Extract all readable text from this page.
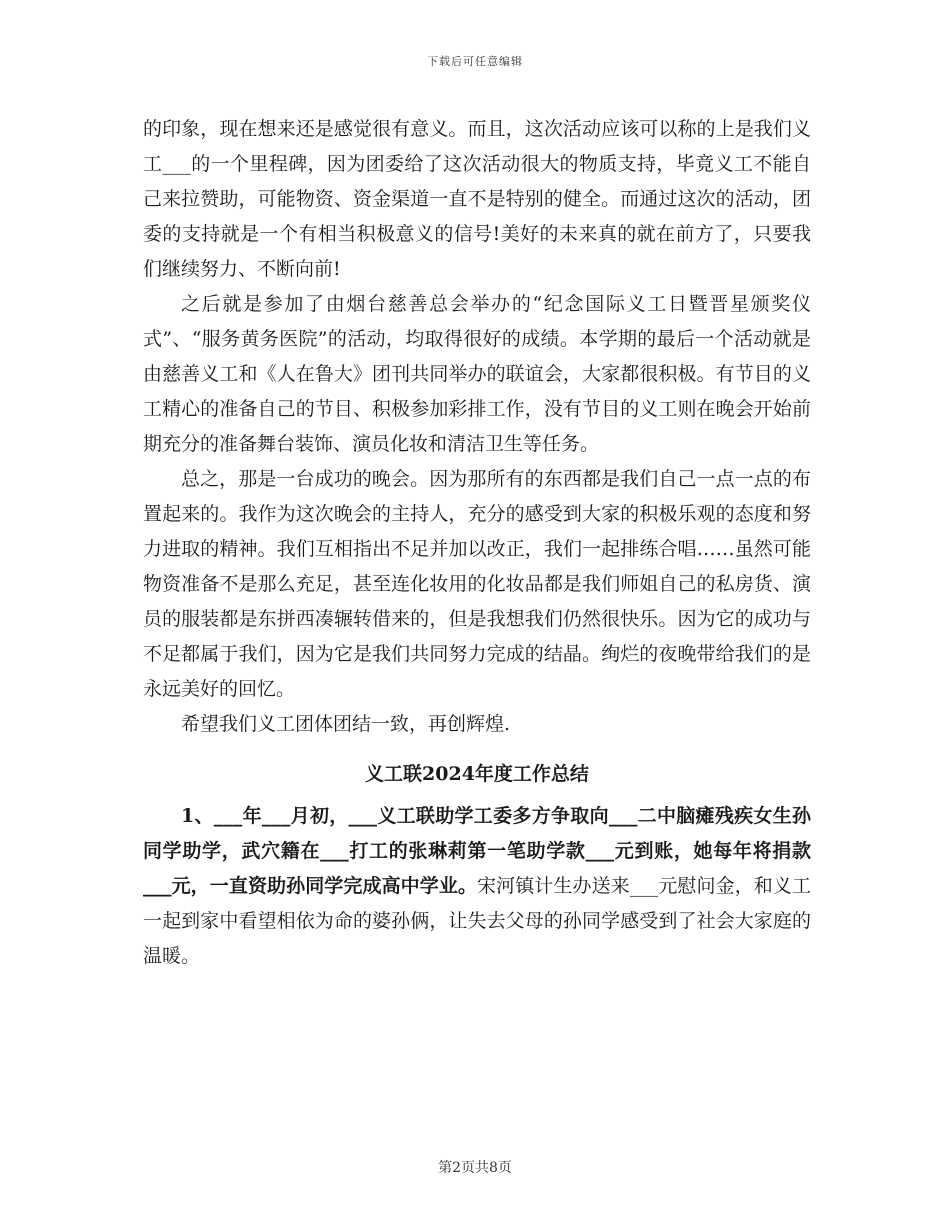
下载后可任意编辑

的印象，现在想来还是感觉很有意义。而且，这次活动应该可以称的上是我们义工___的一个里程碑，因为团委给了这次活动很大的物质支持，毕竟义工不能自己来拉赞助，可能物资、资金渠道一直不是特别的健全。而通过这次的活动，团委的支持就是一个有相当积极意义的信号!美好的未来真的就在前方了，只要我们继续努力、不断向前!

之后就是参加了由烟台慈善总会举办的“纪念国际义工日暨晋星颁奖仪式”、“服务黄务医院”的活动，均取得很好的成绩。本学期的最后一个活动就是由慈善义工和《人在鲁大》团刊共同举办的联谊会，大家都很积极。有节目的义工精心的准备自己的节目、积极参加彩排工作，没有节目的义工则在晚会开始前期充分的准备舞台装饰、演员化妆和清洁卫生等任务。

总之，那是一台成功的晚会。因为那所有的东西都是我们自己一点一点的布置起来的。我作为这次晚会的主持人，充分的感受到大家的积极乐观的态度和努力进取的精神。我们互相指出不足并加以改正，我们一起排练合唱……虽然可能物资准备不是那么充足，甚至连化妆用的化妆品都是我们师姐自己的私房货、演员的服装都是东拼西凑辗转借来的，但是我想我们仍然很快乐。因为它的成功与不足都属于我们，因为它是我们共同努力完成的结晶。绚烂的夜晚带给我们的是永远美好的回忆。

希望我们义工团体团结一致，再创辉煌.

义工联2024年度工作总结

1、___年___月初，___义工联助学工委多方争取向___二中脑瘫残疾女生孙同学助学，武穴籍在___打工的张琳莉第一笔助学款___元到账，她每年将捐款___元，一直资助孙同学完成高中学业。宋河镇计生办送来___元慰问金，和义工一起到家中看望相依为命的婆孙俩，让失去父母的孙同学感受到了社会大家庭的温暖。

第2页共8页
